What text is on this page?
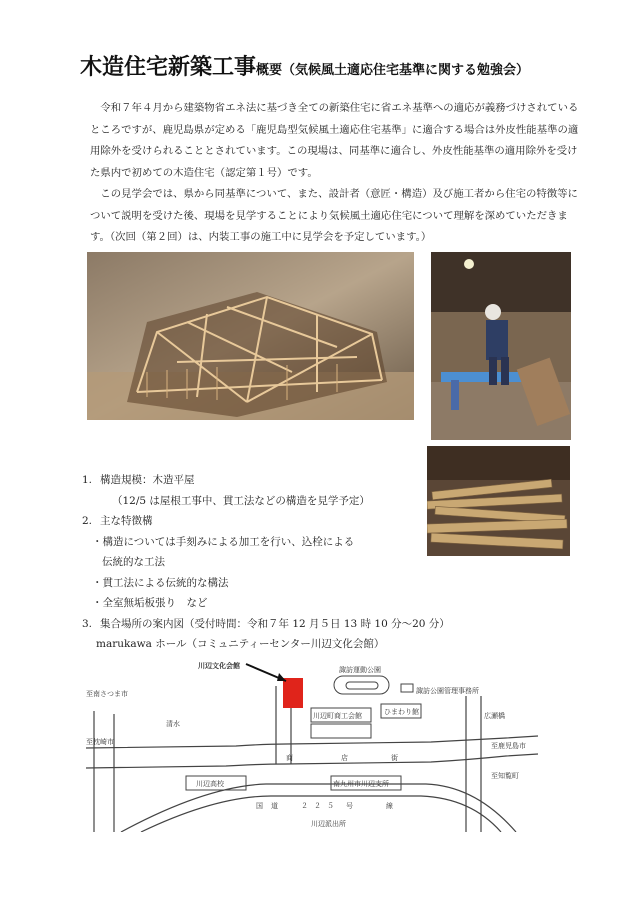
木造住宅新築工事概要（気候風土適応住宅基準に関する勉強会）

令和７年４月から建築物省エネ法に基づき全ての新築住宅に省エネ基準への適応が義務づけされているところですが、鹿児島県が定める「鹿児島型気候風土適応住宅基準」に適合する場合は外皮性能基準の適用除外を受けられることとされています。この現場は、同基準に適合し、外皮性能基準の適用除外を受けた県内で初めての木造住宅（認定第１号）です。

この見学会では、県から同基準について、また、設計者（意匠・構造）及び施工者から住宅の特徴等について説明を受けた後、現場を見学することにより気候風土適応住宅について理解を深めていただきます。（次回（第２回）は、内装工事の施工中に見学会を予定しています。）

1. 構造規模：木造平屋
（12/5 は屋根工事中、貫工法などの構造を見学予定）
2. 主な特徴構
・構造については手刻みによる加工を行い、込栓による
伝統的な工法
・貫工法による伝統的な構法
・全室無垢板張り　など
3. 集合場所の案内図（受付時間：令和７年 12 月５日 13 時 10 分～20 分）
marukawa ホール（コミュニティーセンター川辺文化会館）
川辺文化会館	諏訪運動公園
諏訪公園管理事務所
川辺町商工会館	ひまわり館
至南さつま市
至枕崎市
清水
商	店	街
川辺高校	南九州市川辺支所
国 道	２ ２ ５ 号	線
川辺派出所
広瀬橋
至鹿児島市
至知覧町
